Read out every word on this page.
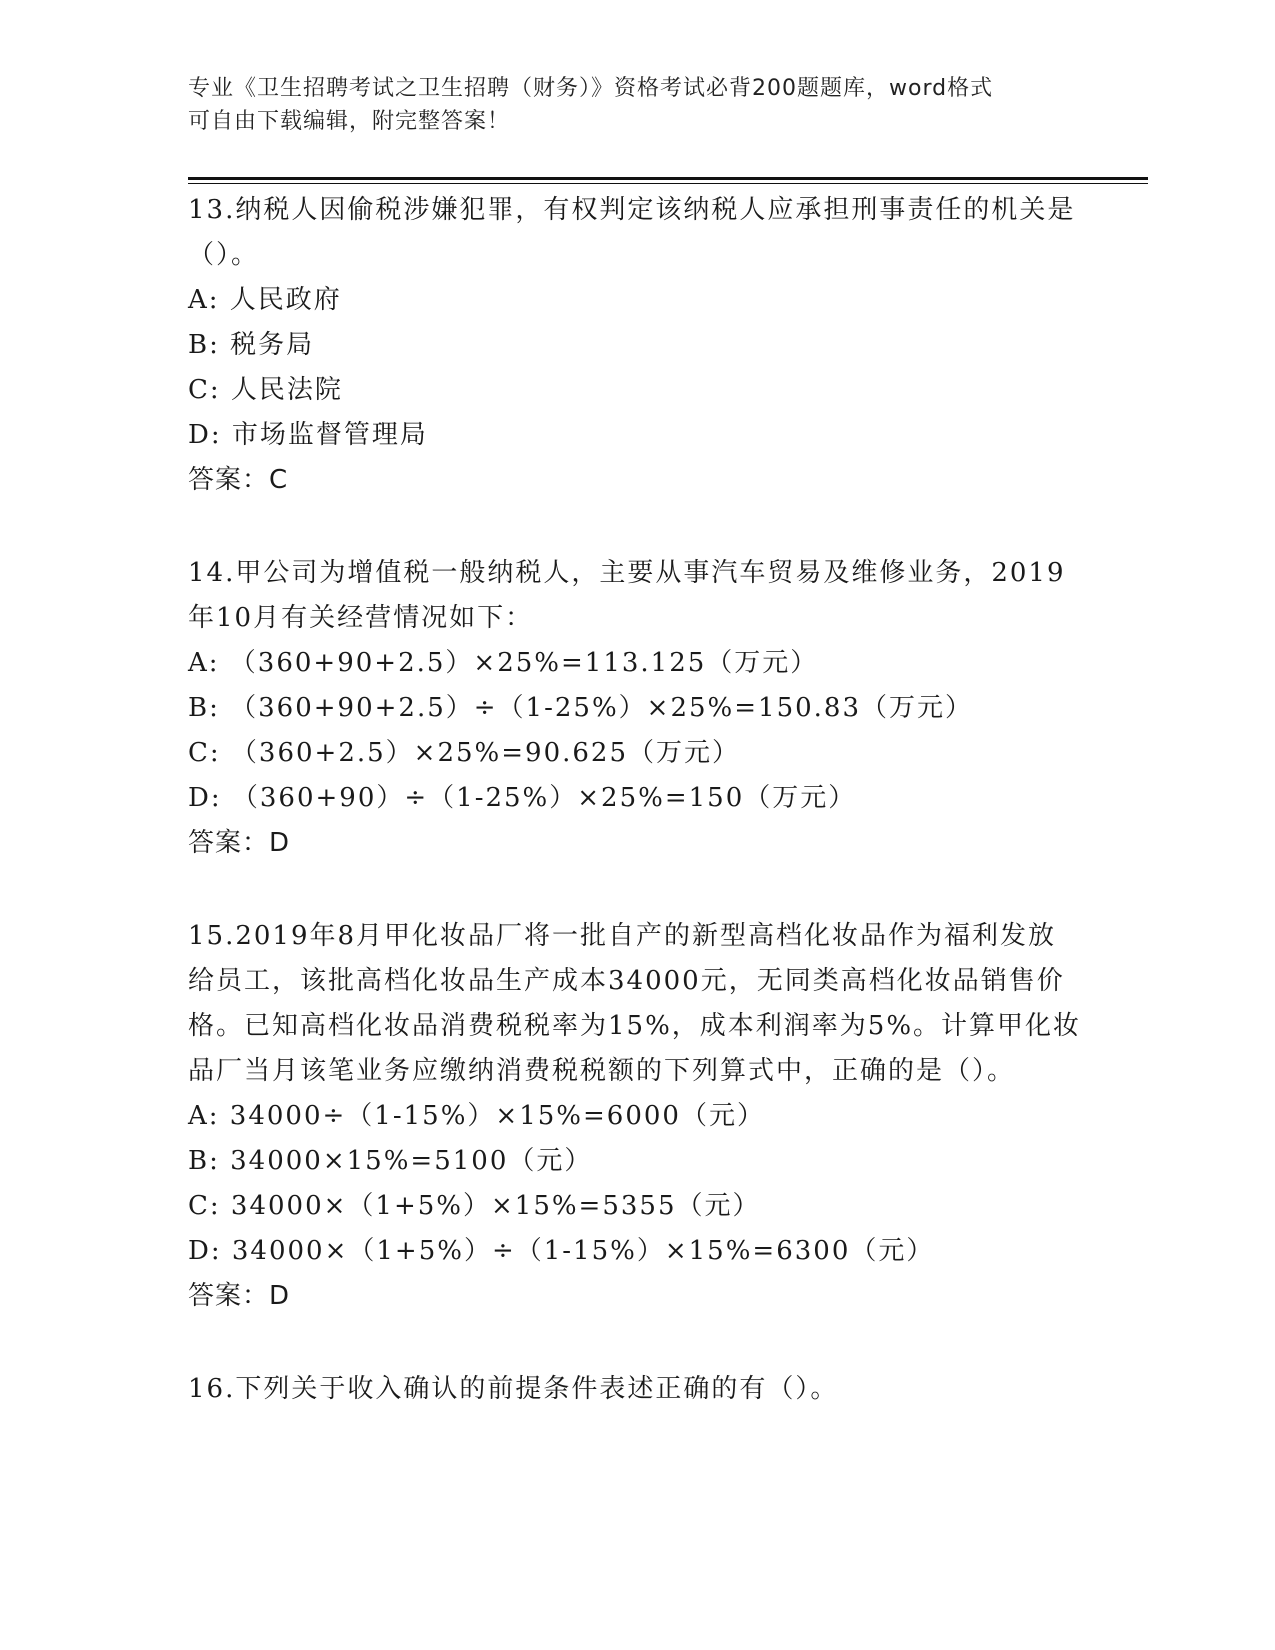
专业《卫生招聘考试之卫生招聘（财务）》资格考试必背200题题库，word格式
可自由下载编辑，附完整答案！
13.纳税人因偷税涉嫌犯罪，有权判定该纳税人应承担刑事责任的机关是（）。
A: 人民政府
B: 税务局
C: 人民法院
D: 市场监督管理局
答案：C
14.甲公司为增值税一般纳税人，主要从事汽车贸易及维修业务，2019年10月有关经营情况如下：
A: （360+90+2.5）×25%=113.125（万元）
B: （360+90+2.5）÷（1-25%）×25%=150.83（万元）
C: （360+2.5）×25%=90.625（万元）
D: （360+90）÷（1-25%）×25%=150（万元）
答案：D
15.2019年8月甲化妆品厂将一批自产的新型高档化妆品作为福利发放给员工，该批高档化妆品生产成本34000元，无同类高档化妆品销售价格。已知高档化妆品消费税税率为15%，成本利润率为5%。计算甲化妆品厂当月该笔业务应缴纳消费税税额的下列算式中，正确的是（）。
A: 34000÷（1-15%）×15%=6000（元）
B: 34000×15%=5100（元）
C: 34000×（1+5%）×15%=5355（元）
D: 34000×（1+5%）÷（1-15%）×15%=6300（元）
答案：D
16.下列关于收入确认的前提条件表述正确的有（）。
